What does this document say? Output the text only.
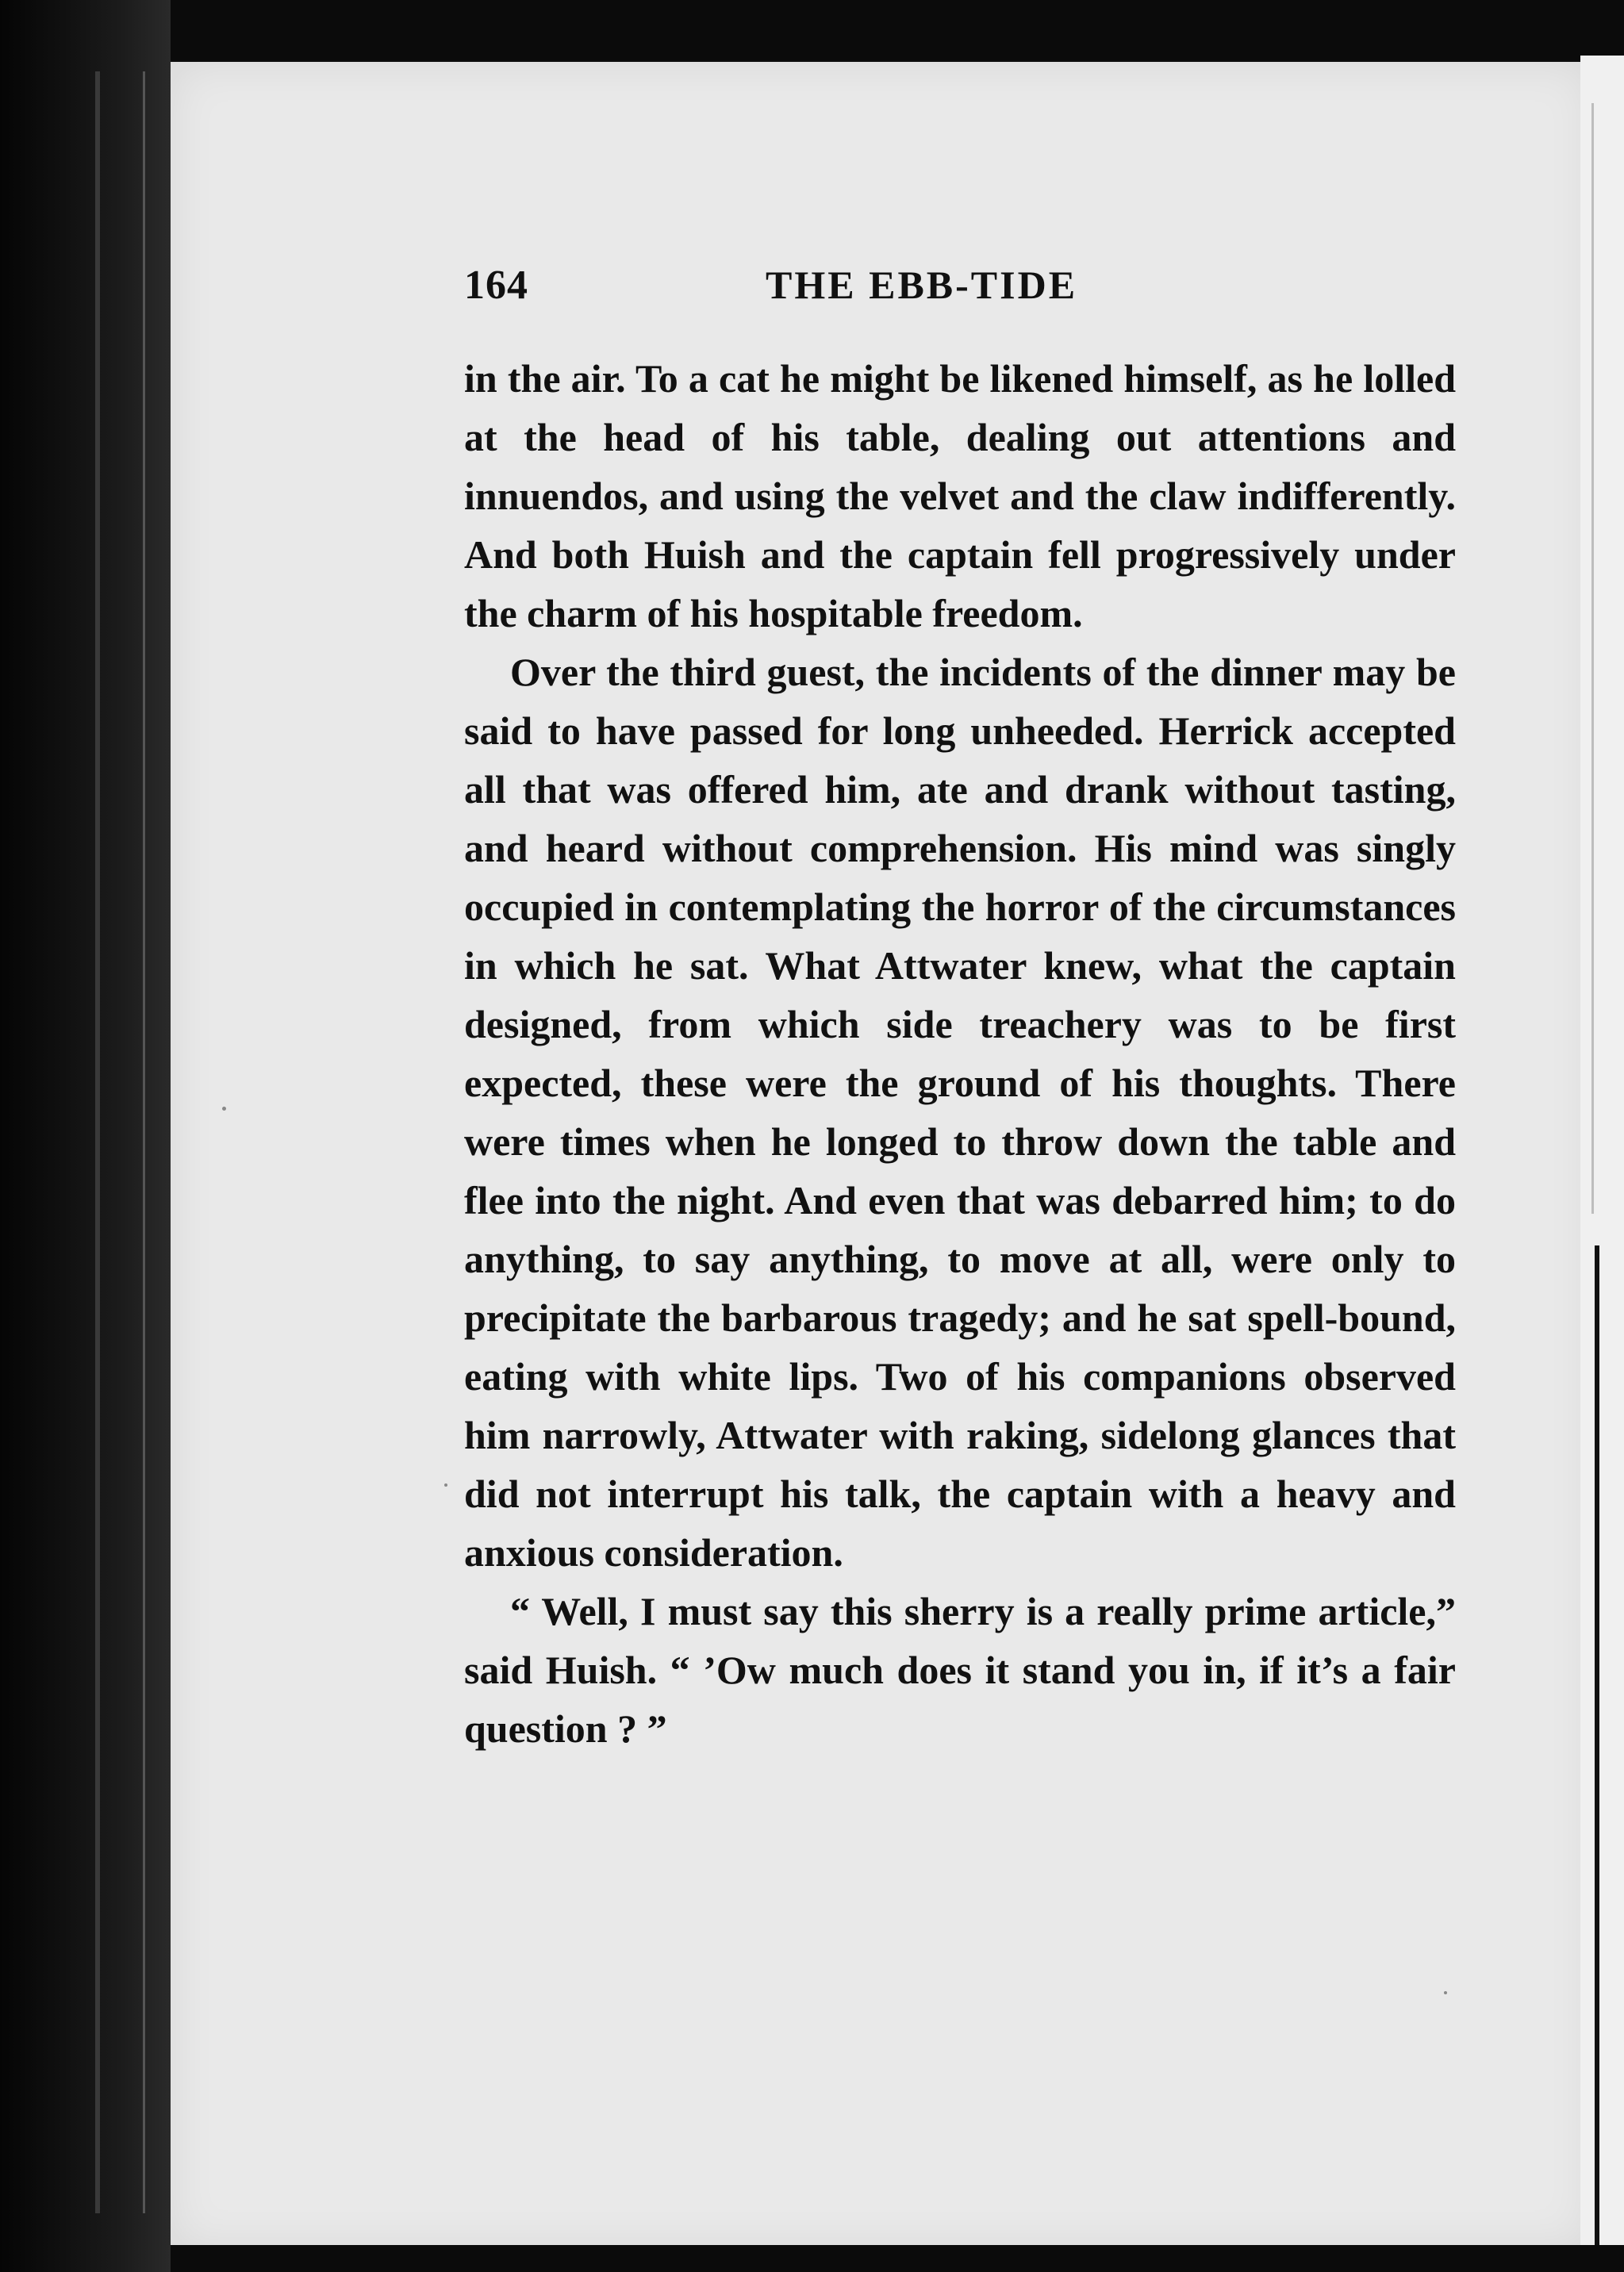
164	THE EBB-TIDE

in the air. To a cat he might be likened himself, as he lolled at the head of his table, dealing out attentions and innuendos, and using the velvet and the claw indifferently. And both Huish and the captain fell progressively under the charm of his hospitable freedom.

Over the third guest, the incidents of the dinner may be said to have passed for long unheeded. Herrick accepted all that was offered him, ate and drank without tasting, and heard without comprehension. His mind was singly occupied in contemplating the horror of the circumstances in which he sat. What Attwater knew, what the captain designed, from which side treachery was to be first expected, these were the ground of his thoughts. There were times when he longed to throw down the table and flee into the night. And even that was debarred him; to do anything, to say anything, to move at all, were only to precipitate the barbarous tragedy; and he sat spell-bound, eating with white lips. Two of his companions observed him narrowly, Attwater with raking, sidelong glances that did not interrupt his talk, the captain with a heavy and anxious consideration.

“ Well, I must say this sherry is a really prime article,” said Huish. “ ’Ow much does it stand you in, if it’s a fair question ? ”
